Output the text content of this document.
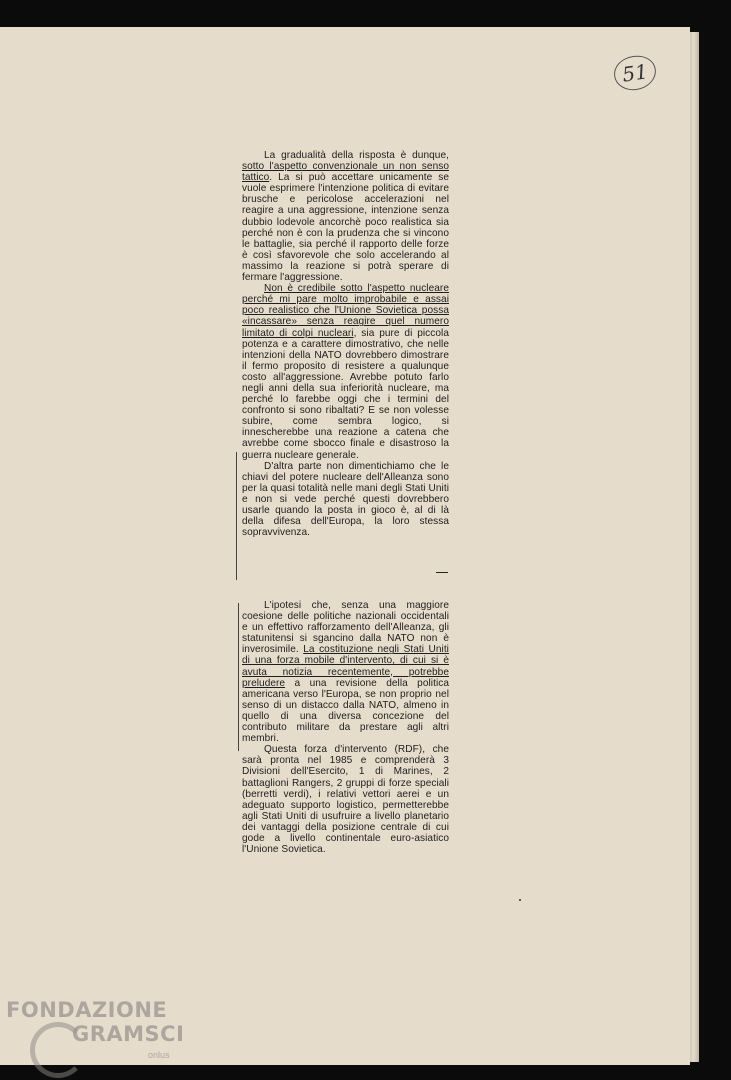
51

La gradualità della risposta è dunque, sotto l'aspetto convenzionale un non senso tattico. La si può accettare unicamente se vuole esprimere l'intenzione politica di evitare brusche e pericolose accelerazioni nel reagire a una aggressione, intenzione senza dubbio lodevole ancorchè poco realistica sia perché non è con la prudenza che si vincono le battaglie, sia perché il rapporto delle forze è così sfavorevole che solo accelerando al massimo la reazione si potrà sperare di fermare l'aggressione.

Non è credibile sotto l'aspetto nucleare perché mi pare molto improbabile e assai poco realistico che l'Unione Sovietica possa «incassare» senza reagire quel numero limitato di colpi nucleari, sia pure di piccola potenza e a carattere dimostrativo, che nelle intenzioni della NATO dovrebbero dimostrare il fermo proposito di resistere a qualunque costo all'aggressione. Avrebbe potuto farlo negli anni della sua inferiorità nucleare, ma perché lo farebbe oggi che i termini del confronto si sono ribaltati? E se non volesse subire, come sembra logico, si innescherebbe una reazione a catena che avrebbe come sbocco finale e disastroso la guerra nucleare generale.

D'altra parte non dimentichiamo che le chiavi del potere nucleare dell'Alleanza sono per la quasi totalità nelle mani degli Stati Uniti e non si vede perché questi dovrebbero usarle quando la posta in gioco è, al di là della difesa dell'Europa, la loro stessa sopravvivenza.

L'ipotesi che, senza una maggiore coesione delle politiche nazionali occidentali e un effettivo rafforzamento dell'Alleanza, gli statunitensi si sgancino dalla NATO non è inverosimile. La costituzione negli Stati Uniti di una forza mobile d'intervento, di cui si è avuta notizia recentemente, potrebbe preludere a una revisione della politica americana verso l'Europa, se non proprio nel senso di un distacco dalla NATO, almeno in quello di una diversa concezione del contributo militare da prestare agli altri membri.

Questa forza d'intervento (RDF), che sarà pronta nel 1985 e comprenderà 3 Divisioni dell'Esercito, 1 di Marines, 2 battaglioni Rangers, 2 gruppi di forze speciali (berretti verdi), i relativi vettori aerei e un adeguato supporto logistico, permetterebbe agli Stati Uniti di usufruire a livello planetario dei vantaggi della posizione centrale di cui gode a livello continentale euro-asiatico l'Unione Sovietica.

FONDAZIONE
GRAMSCI
onlus
